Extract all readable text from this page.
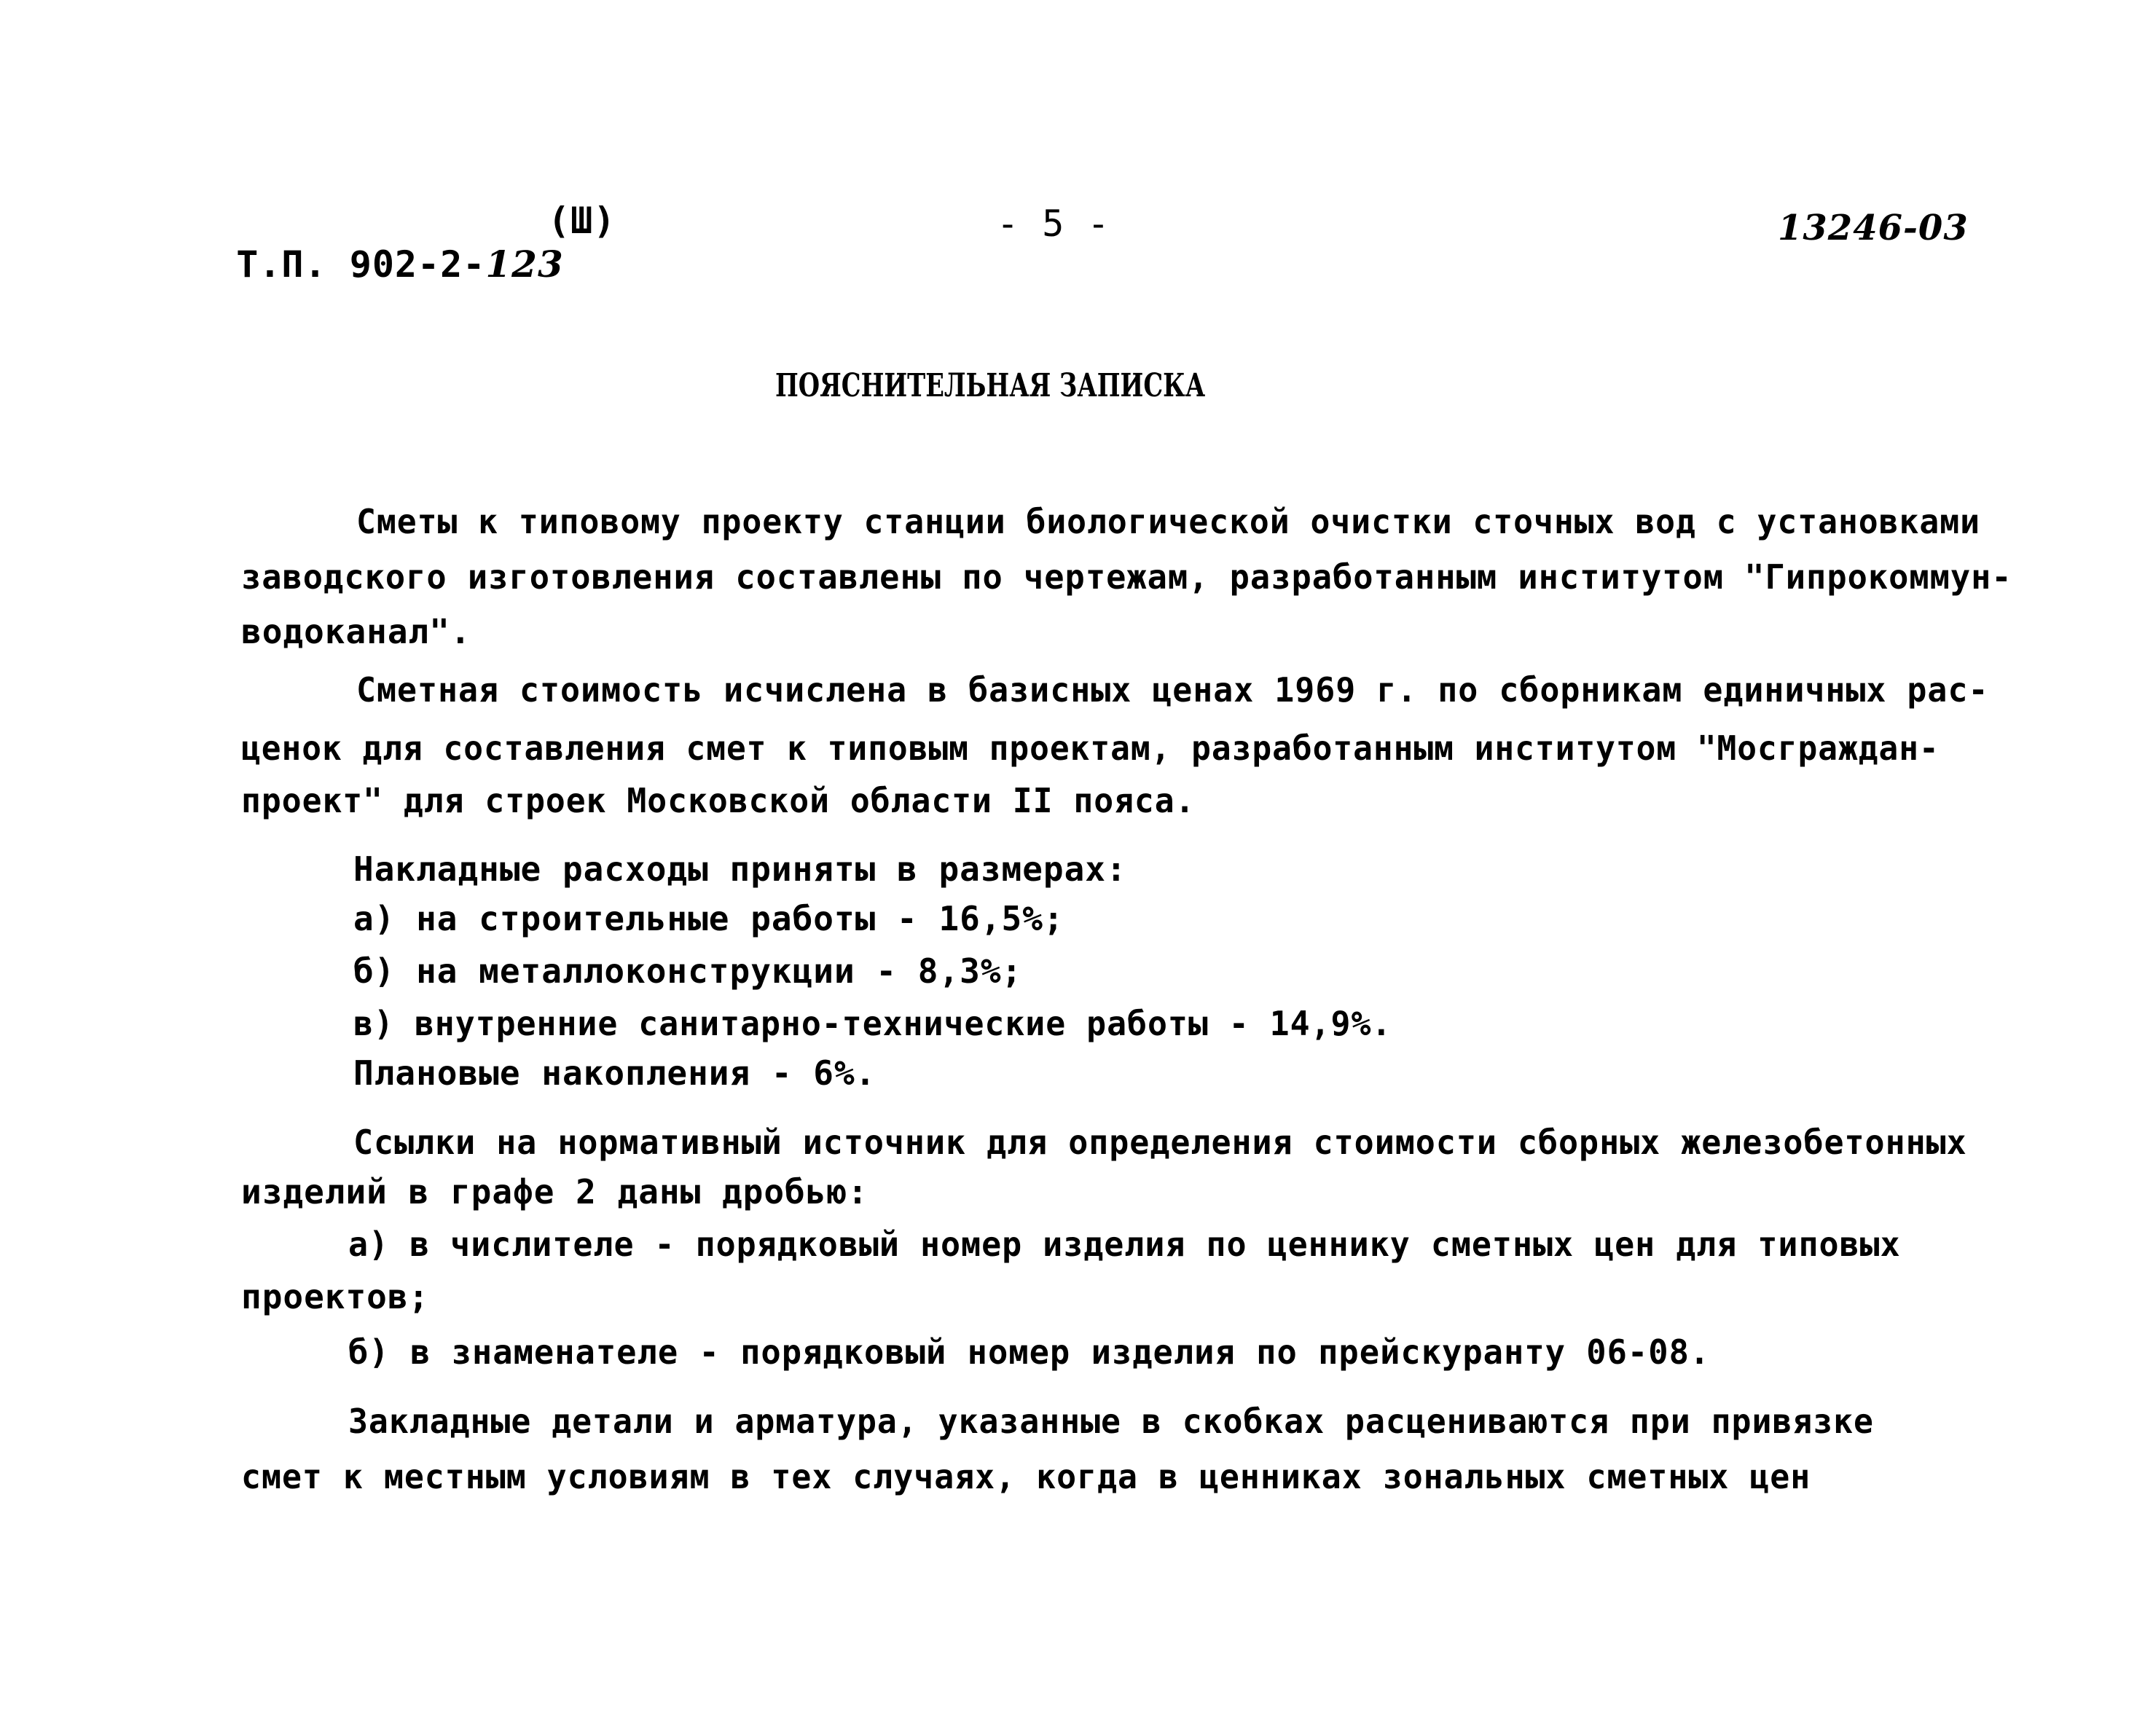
Т.П. 902-2-123

(Ш)	- 5 -	13246-03
ПОЯСНИТЕЛЬНАЯ ЗАПИСКА
Сметы к типовому проекту станции биологической очистки сточных вод с установками
заводского изготовления составлены по чертежам, разработанным институтом "Гипрокоммун-
водоканал".
Сметная стоимость исчислена в базисных ценах 1969 г. по сборникам единичных рас-
ценок для составления смет к типовым проектам, разработанным институтом "Мосграждан-
проект" для строек Московской области II пояса.
Накладные расходы приняты в размерах:
а) на строительные работы - 16,5%;
б) на металлоконструкции - 8,3%;
в) внутренние санитарно-технические работы - 14,9%.
Плановые накопления - 6%.
Ссылки на нормативный источник для определения стоимости сборных железобетонных
изделий в графе 2 даны дробью:
а) в числителе - порядковый номер изделия по ценнику сметных цен для типовых
проектов;
б) в знаменателе - порядковый номер изделия по прейскуранту 06-08.
Закладные детали и арматура, указанные в скобках расцениваются при привязке
смет к местным условиям в тех случаях, когда в ценниках зональных сметных цен
